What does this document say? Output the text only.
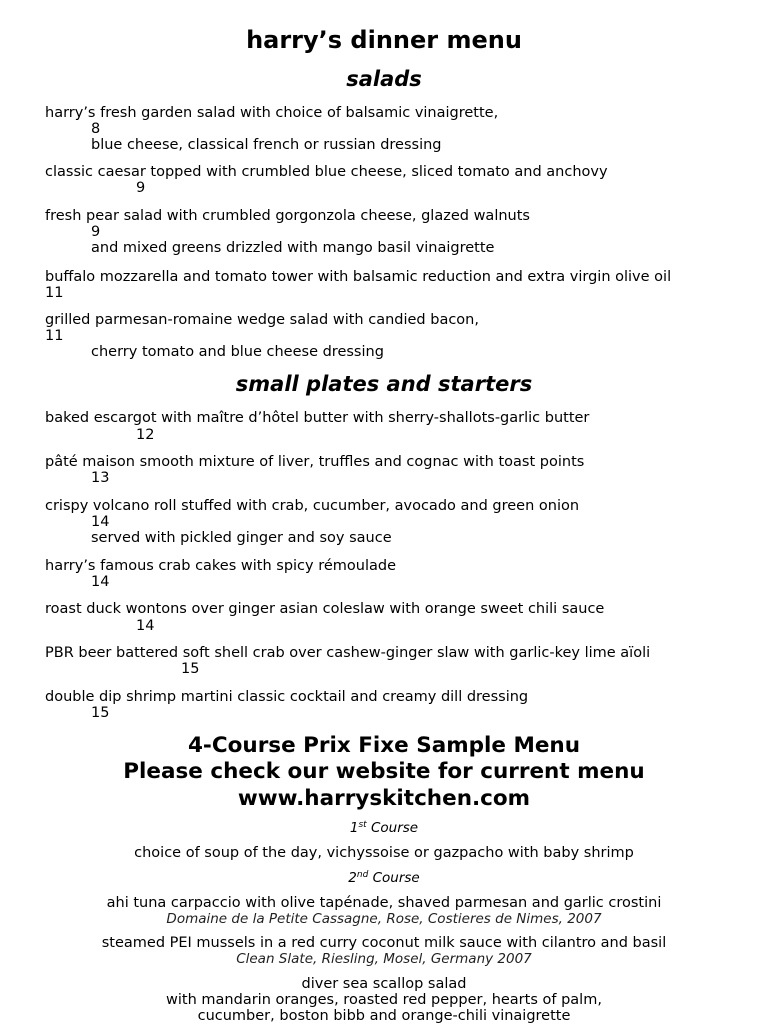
harry’s dinner menu
salads
harry’s fresh garden salad with choice of balsamic vinaigrette,
8
blue cheese, classical french or russian dressing
classic caesar topped with crumbled blue cheese, sliced tomato and anchovy
9
fresh pear salad with crumbled gorgonzola cheese, glazed walnuts
9
and mixed greens drizzled with mango basil vinaigrette
buffalo mozzarella and tomato tower with balsamic reduction and extra virgin olive oil
11
grilled parmesan-romaine wedge salad with candied bacon,
11
cherry tomato and blue cheese dressing
small plates and starters
baked escargot with maître d’hôtel butter with sherry-shallots-garlic butter
12
pâté maison smooth mixture of liver, truffles and cognac with toast points
13
crispy volcano roll stuffed with crab, cucumber, avocado and green onion
14
served with pickled ginger and soy sauce
harry’s famous crab cakes with spicy rémoulade
14
roast duck wontons over ginger asian coleslaw with orange sweet chili sauce
14
PBR beer battered soft shell crab over cashew-ginger slaw with garlic-key lime aïoli
15
double dip shrimp martini classic cocktail and creamy dill dressing
15
4-Course Prix Fixe Sample Menu
Please check our website for current menu
www.harryskitchen.com
1st Course
choice of soup of the day, vichyssoise or gazpacho with baby shrimp
2nd Course
ahi tuna carpaccio with olive tapénade, shaved parmesan and garlic crostini
Domaine de la Petite Cassagne, Rose, Costieres de Nimes, 2007
steamed PEI mussels in a red curry coconut milk sauce with cilantro and basil
Clean Slate, Riesling, Mosel, Germany 2007
diver sea scallop salad
with mandarin oranges, roasted red pepper, hearts of palm,
cucumber, boston bibb and orange-chili vinaigrette
